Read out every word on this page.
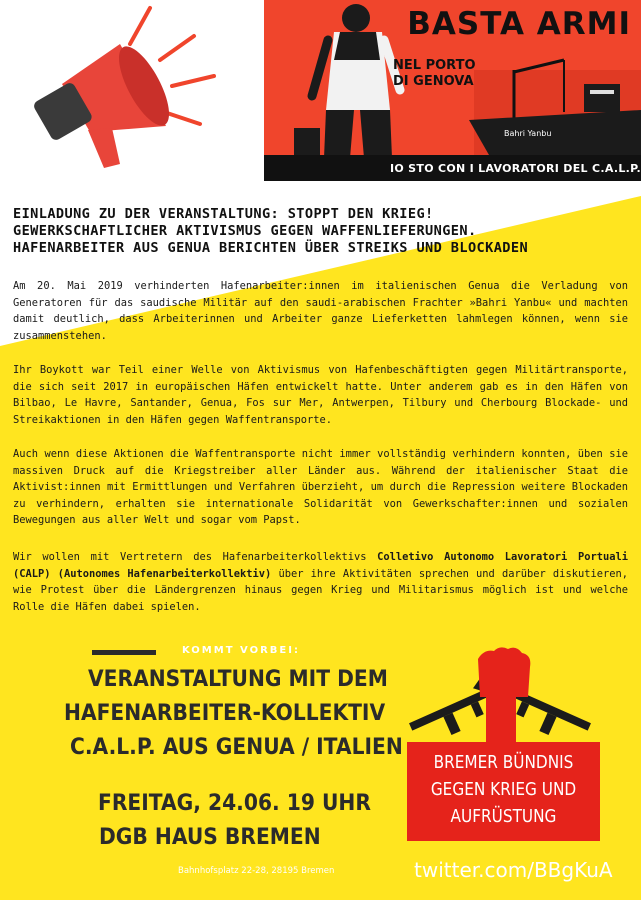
Bahri Yanbu
BASTA ARMI
NEL PORTO
DI GENOVA
IO STO CON I LAVORATORI DEL C.A.L.P.
EINLADUNG ZU DER VERANSTALTUNG: STOPPT DEN KRIEG!
GEWERKSCHAFTLICHER AKTIVISMUS GEGEN WAFFENLIEFERUNGEN.
HAFENARBEITER AUS GENUA BERICHTEN ÜBER STREIKS UND BLOCKADEN

Am 20. Mai 2019 verhinderten Hafenarbeiter:innen im italienischen Genua die Verladung von Generatoren für das saudische Militär auf den saudi-arabischen Frachter »Bahri Yanbu« und machten damit deutlich, dass Arbeiterinnen und Arbeiter ganze Lieferketten lahmlegen können, wenn sie zusammenstehen.

Ihr Boykott war Teil einer Welle von Aktivismus von Hafenbeschäftigten gegen Militärtransporte, die sich seit 2017 in europäischen Häfen entwickelt hatte. Unter anderem gab es in den Häfen von Bilbao, Le Havre, Santander, Genua, Fos sur Mer, Antwerpen, Tilbury und Cherbourg Blockade- und Streikaktionen in den Häfen gegen Waffentransporte.

Auch wenn diese Aktionen die Waffentransporte nicht immer vollständig verhindern konnten, üben sie massiven Druck auf die Kriegstreiber aller Länder aus. Während der italienischer Staat die Aktivist:innen mit Ermittlungen und Verfahren überzieht, um durch die Repression weitere Blockaden zu verhindern, erhalten sie internationale Solidarität von Gewerkschafter:innen und sozialen Bewegungen aus aller Welt und sogar vom Papst.

Wir wollen mit Vertretern des Hafenarbeiterkollektivs Colletivo Autonomo Lavoratori Portuali (CALP) (Autonomes Hafenarbeiterkollektiv) über ihre Aktivitäten sprechen und darüber diskutieren, wie Protest über die Ländergrenzen hinaus gegen Krieg und Militarismus möglich ist und welche Rolle die Häfen dabei spielen.

KOMMT VORBEI:
VERANSTALTUNG MIT DEM
HAFENARBEITER-KOLLEKTIV
C.A.L.P. AUS GENUA / ITALIEN
FREITAG, 24.06. 19 UHR
DGB HAUS BREMEN
Bahnhofsplatz 22-28, 28195 Bremen
BREMER BÜNDNIS
GEGEN KRIEG UND
AUFRÜSTUNG
twitter.com/BBgKuA
